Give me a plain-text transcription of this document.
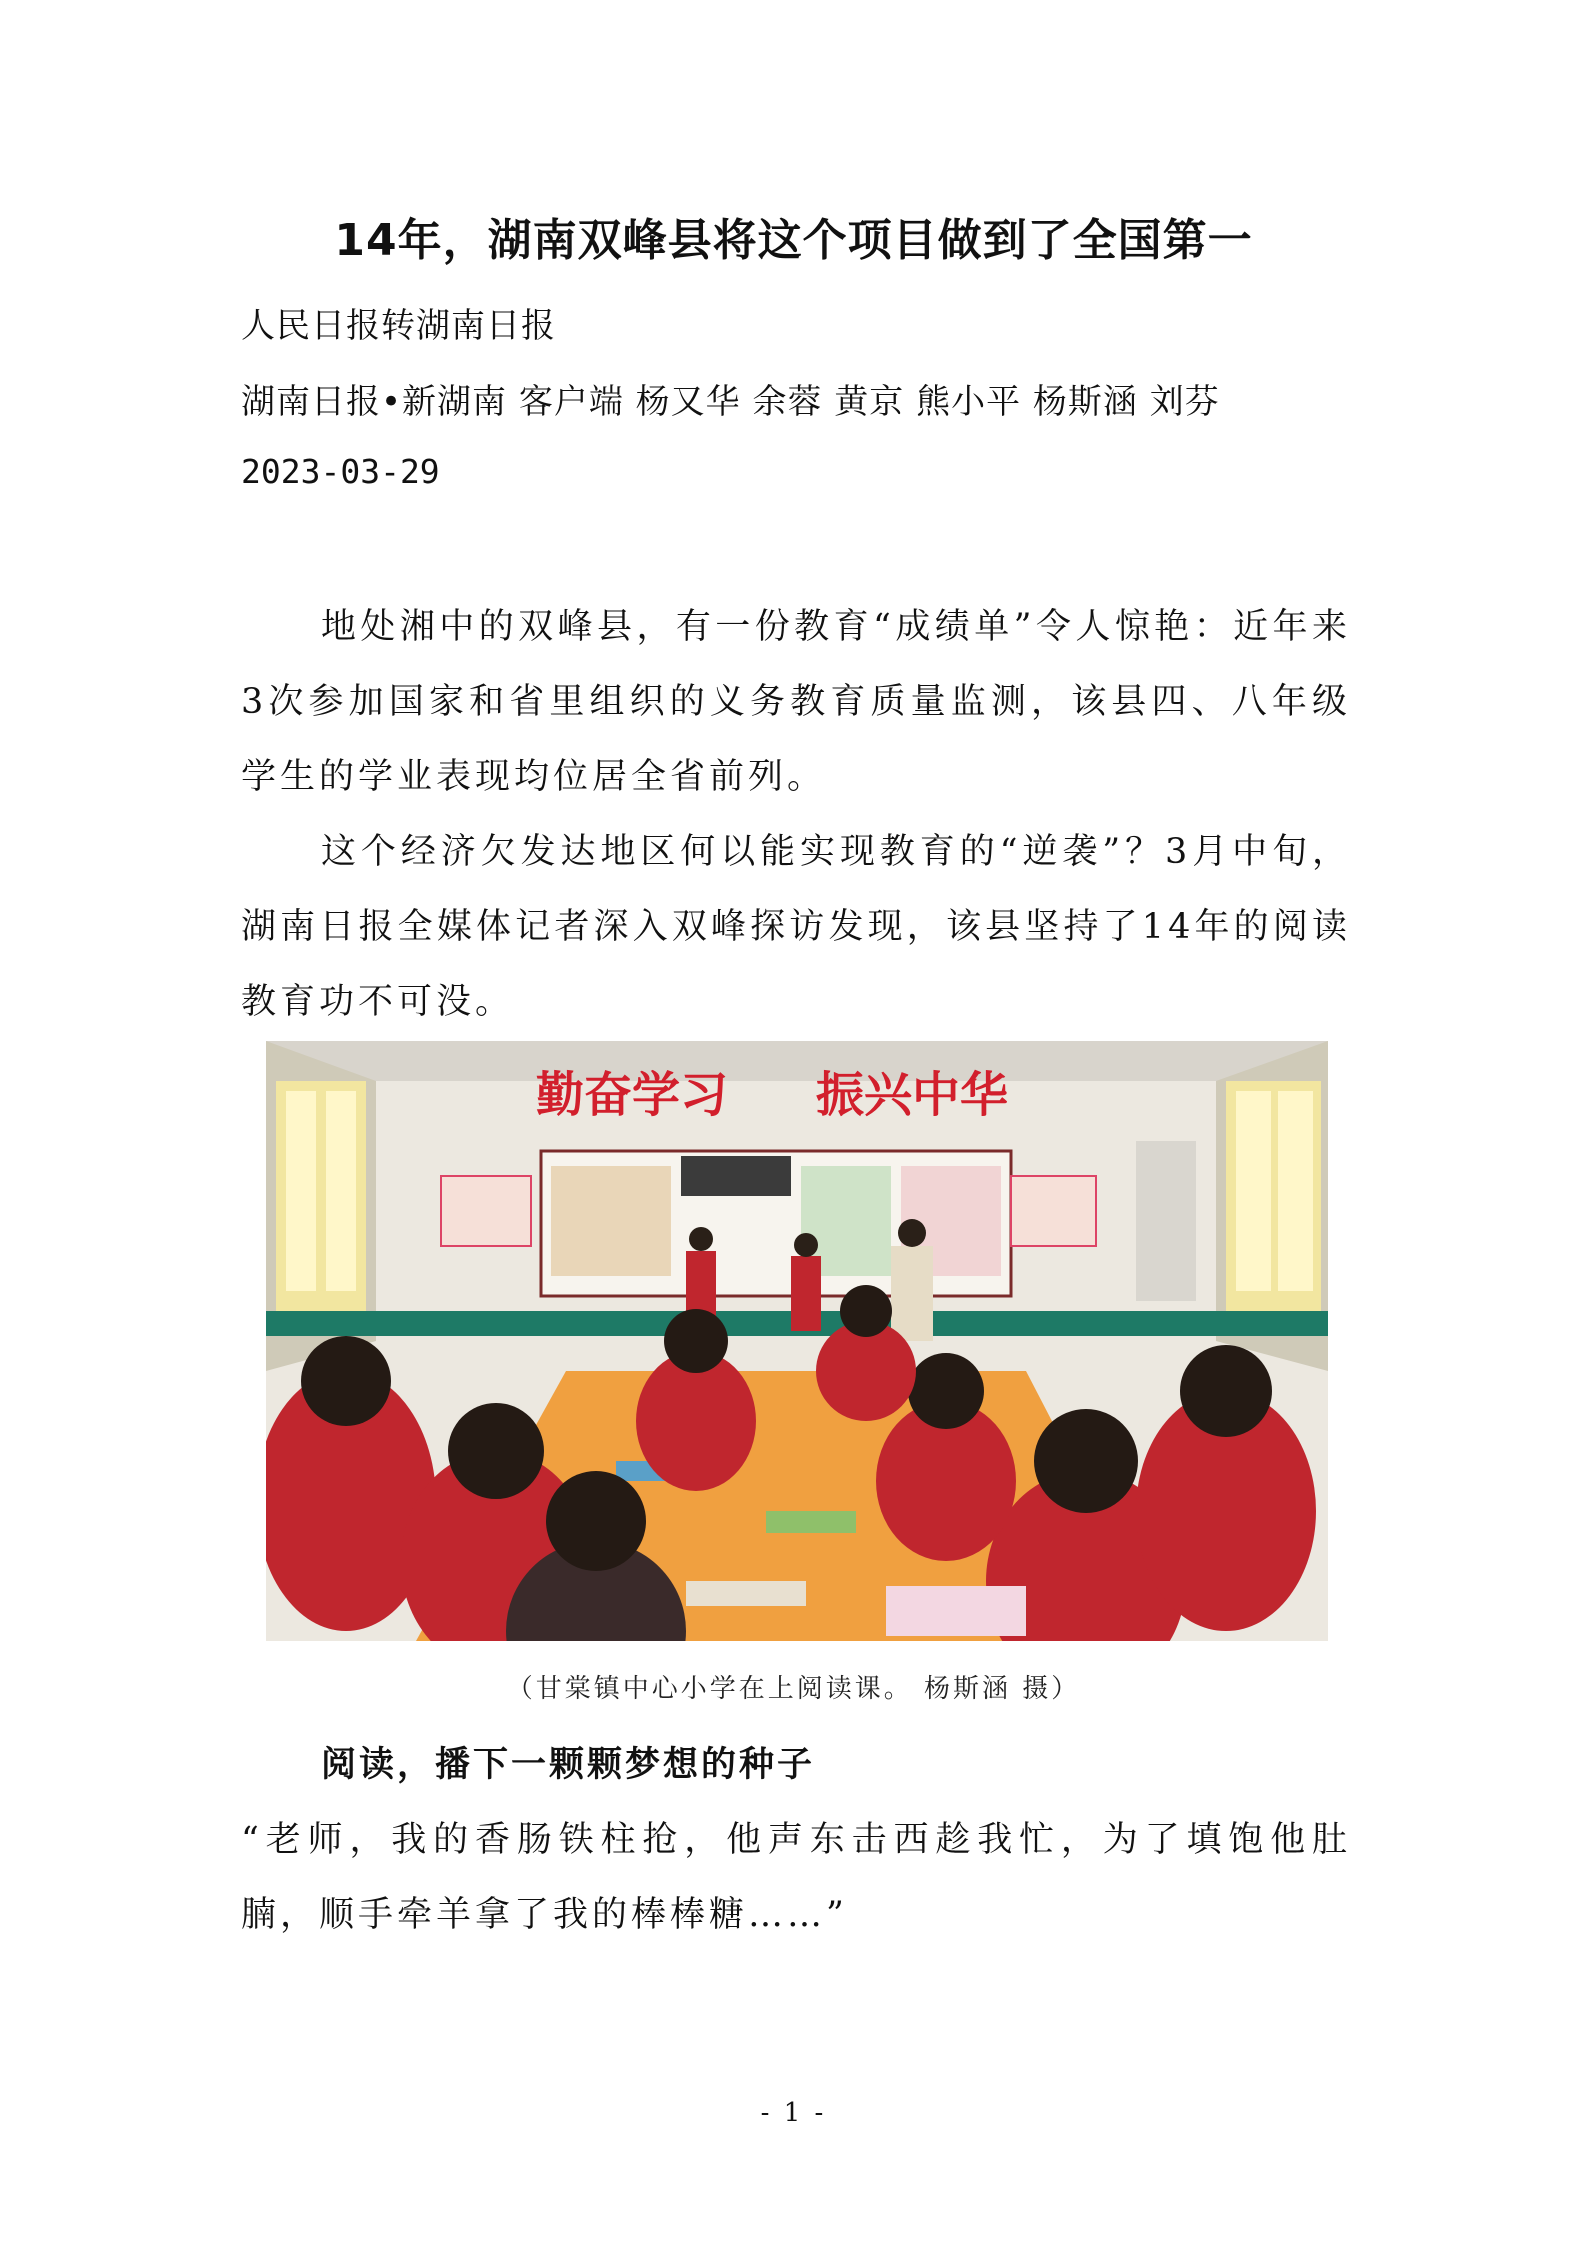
14年，湖南双峰县将这个项目做到了全国第一
人民日报转湖南日报
湖南日报•新湖南 客户端 杨又华 余蓉 黄京 熊小平 杨斯涵 刘芬
2023-03-29
地处湘中的双峰县，有一份教育“成绩单”令人惊艳：近年来3次参加国家和省里组织的义务教育质量监测，该县四、八年级学生的学业表现均位居全省前列。
这个经济欠发达地区何以能实现教育的“逆袭”？3月中旬，湖南日报全媒体记者深入双峰探访发现，该县坚持了14年的阅读教育功不可没。
勤奋学习 振兴中华
（甘棠镇中心小学在上阅读课。 杨斯涵 摄）
阅读，播下一颗颗梦想的种子
“老师，我的香肠铁柱抢，他声东击西趁我忙，为了填饱他肚腩，顺手牵羊拿了我的棒棒糖……”
- 1 -
